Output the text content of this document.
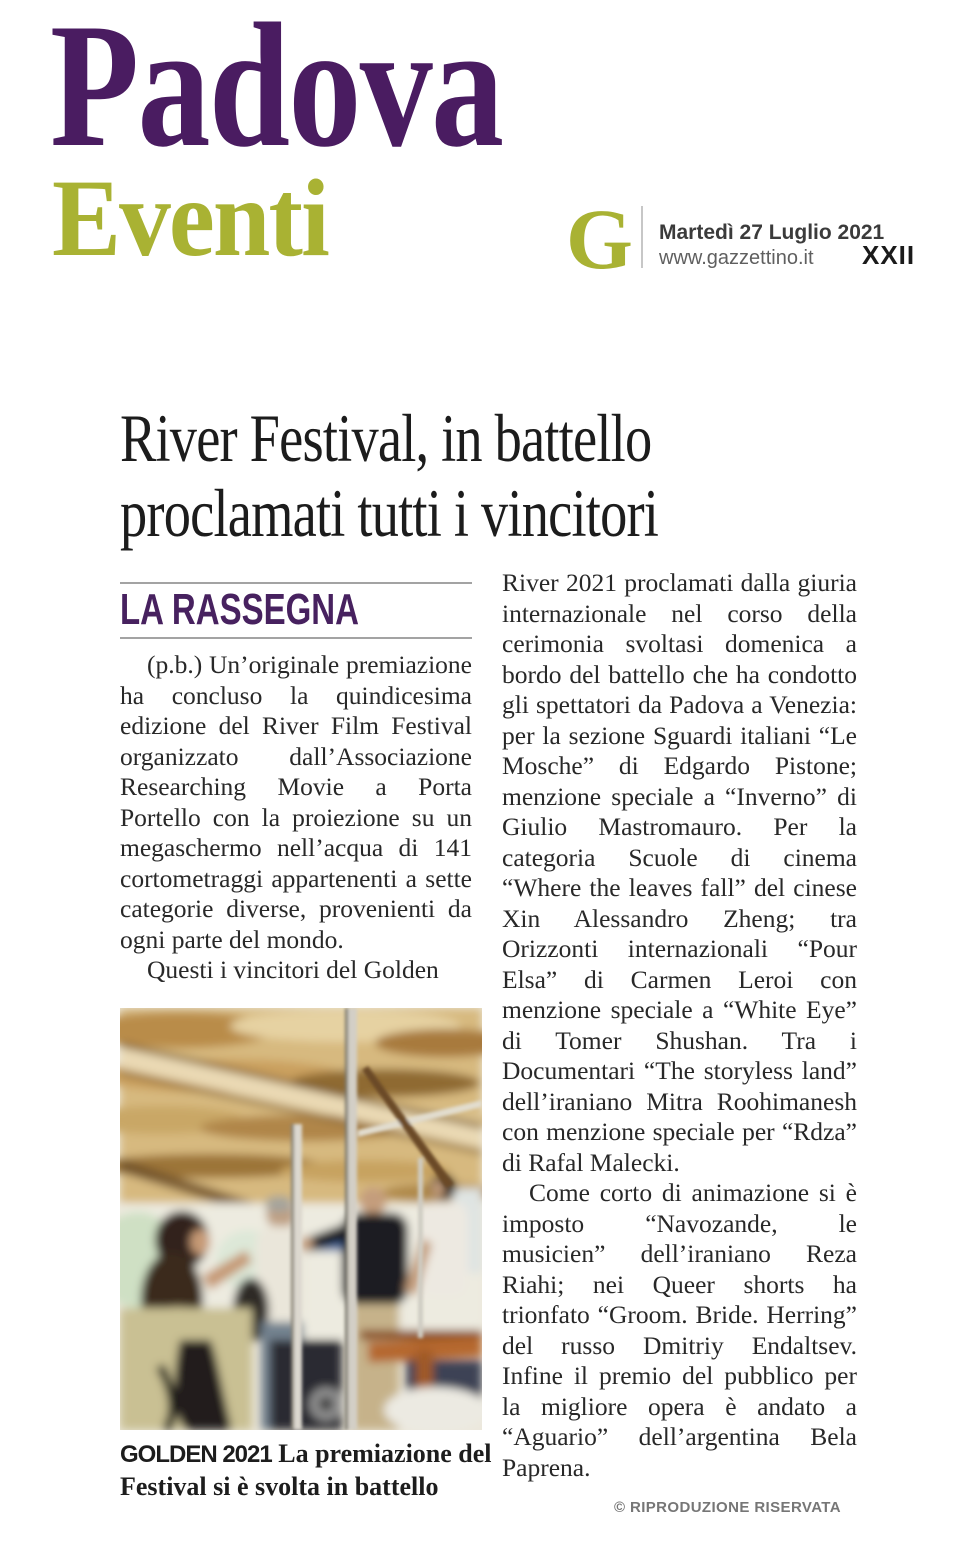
Padova
Eventi	G Martedì 27 Luglio 2021
www.gazzettino.it XXII
River Festival, in battello
proclamati tutti i vincitori
LA RASSEGNA

(p.b.) Un’originale premiazione ha concluso la quindicesima edizione del River Film Festival organizzato dall’Associazione Researching Movie a Porta Portello con la proiezione su un megaschermo nell’acqua di 141 cortometraggi appartenenti a sette categorie diverse, provenienti da ogni parte del mondo.

Questi i vincitori del Golden

River 2021 proclamati dalla giuria internazionale nel corso della cerimonia svoltasi domenica a bordo del battello che ha condotto gli spettatori da Padova a Venezia: per la sezione Sguardi italiani “Le Mosche” di Edgardo Pistone; menzione speciale a “Inverno” di Giulio Mastromauro. Per la categoria Scuole di cinema “Where the leaves fall” del cinese Xin Alessandro Zheng; tra Orizzonti internazionali “Pour Elsa” di Carmen Leroi con menzione speciale a “White Eye” di Tomer Shushan. Tra i Documentari “The storyless land” dell’iraniano Mitra Roohimanesh con menzione speciale per “Rdza” di Rafal Malecki.

Come corto di animazione si è imposto “Navozande, le musicien” dell’iraniano Reza Riahi; nei Queer shorts ha trionfato “Groom. Bride. Herring” del russo Dmitriy Endaltsev. Infine il premio del pubblico per la migliore opera è andato a “Aguario” dell’argentina Bela Paprena.

© RIPRODUZIONE RISERVATA
GOLDEN 2021 La premiazione del Festival si è svolta in battello
